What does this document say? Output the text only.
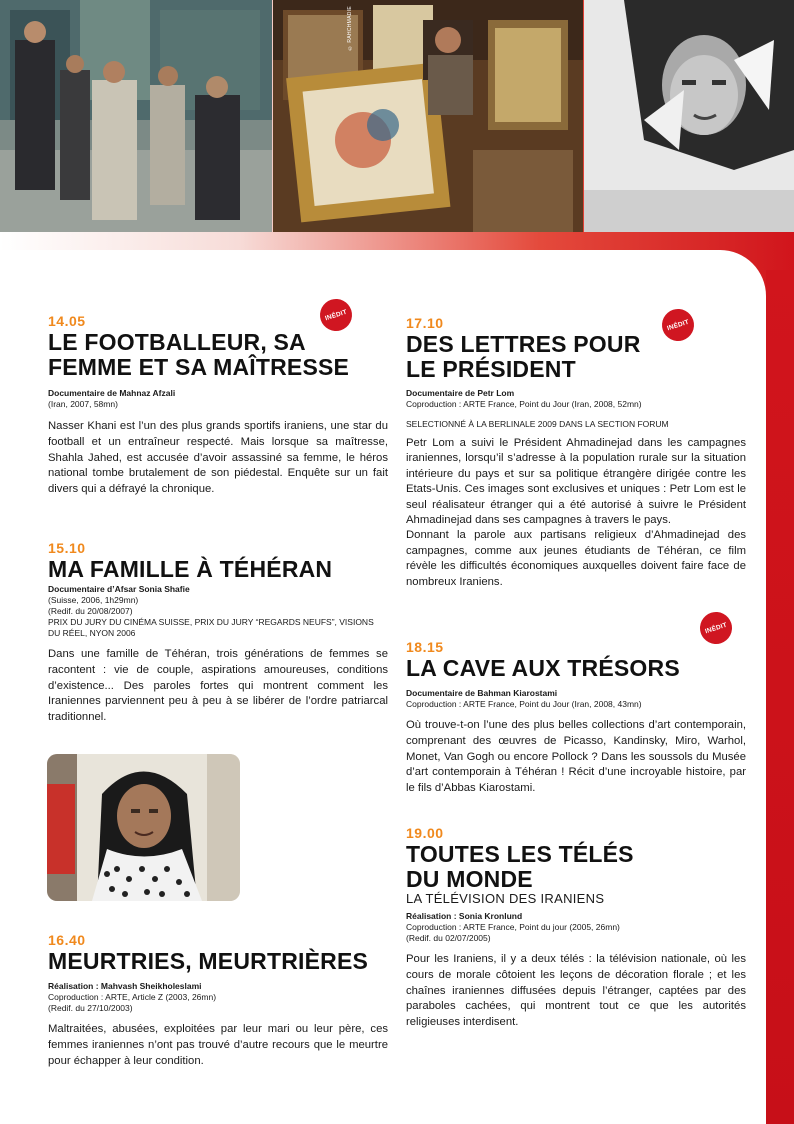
© RAHCHMADIE
14.05
LE FOOTBALLEUR, SA
FEMME ET SA MAÎTRESSE
Documentaire de Mahnaz Afzali
(Iran, 2007, 58mn)
Nasser Khani est l’un des plus grands sportifs iraniens, une star du football et un entraîneur respecté. Mais lorsque sa maîtresse, Shahla Jahed, est accusée d’avoir assassiné sa femme, le héros national tombe brutalement de son piédestal. Enquête sur un fait divers qui a défrayé la chronique.
INÉDIT
15.10
MA FAMILLE À TÉHÉRAN
Documentaire d’Afsar Sonia Shafie
(Suisse, 2006, 1h29mn)
(Redif. du 20/08/2007)
PRIX DU JURY DU CINÉMA SUISSE, PRIX DU JURY “REGARDS NEUFS”, VISIONS DU RÉEL, NYON 2006
Dans une famille de Téhéran, trois générations de femmes se racontent : vie de couple, aspirations amoureuses, conditions d’existence... Des paroles fortes qui montrent comment les Iraniennes parviennent peu à peu à se libérer de l’ordre patriarcal traditionnel.
16.40
MEURTRIES, MEURTRIÈRES
Réalisation : Mahvash Sheikholeslami
Coproduction : ARTE, Article Z (2003, 26mn)
(Redif. du 27/10/2003)
Maltraitées, abusées, exploitées par leur mari ou leur père, ces femmes iraniennes n’ont pas trouvé d’autre recours que le meurtre pour échapper à leur condition.
17.10
DES LETTRES POUR
LE PRÉSIDENT
Documentaire de Petr Lom
Coproduction : ARTE France, Point du Jour (Iran, 2008, 52mn)
SELECTIONNÉ À LA BERLINALE 2009 DANS LA SECTION FORUM
Petr Lom a suivi le Président Ahmadinejad dans les campagnes iraniennes, lorsqu’il s’adresse à la population rurale sur la situation intérieure du pays et sur sa politique étrangère dirigée contre les Etats-Unis. Ces images sont exclusives et uniques : Petr Lom est le seul réalisateur étranger qui a été autorisé à suivre le Président Ahmadinejad dans ses campagnes à travers le pays.
Donnant la parole aux partisans religieux d’Ahmadinejad des campagnes, comme aux jeunes étudiants de Téhéran, ce film révèle les difficultés économiques auxquelles doivent faire face de nombreux Iraniens.
INÉDIT
INÉDIT
18.15
LA CAVE AUX TRÉSORS
Documentaire de Bahman Kiarostami
Coproduction : ARTE France, Point du Jour (Iran, 2008, 43mn)
Où trouve-t-on l’une des plus belles collections d’art contemporain, comprenant des œuvres de Picasso, Kandinsky, Miro, Warhol, Monet, Van Gogh ou encore Pollock ? Dans les soussols du Musée d’art contemporain à Téhéran ! Récit d’une incroyable histoire, par le fils d’Abbas Kiarostami.
19.00
TOUTES LES TÉLÉS
DU MONDE
LA TÉLÉVISION DES IRANIENS
Réalisation : Sonia Kronlund
Coproduction : ARTE France, Point du jour (2005, 26mn)
(Redif. du 02/07/2005)
Pour les Iraniens, il y a deux télés : la télévision nationale, où les cours de morale côtoient les leçons de décoration florale ; et les chaînes iraniennes diffusées depuis l’étranger, captées par des paraboles cachées, qui montrent tout ce que les autorités religieuses interdisent.
